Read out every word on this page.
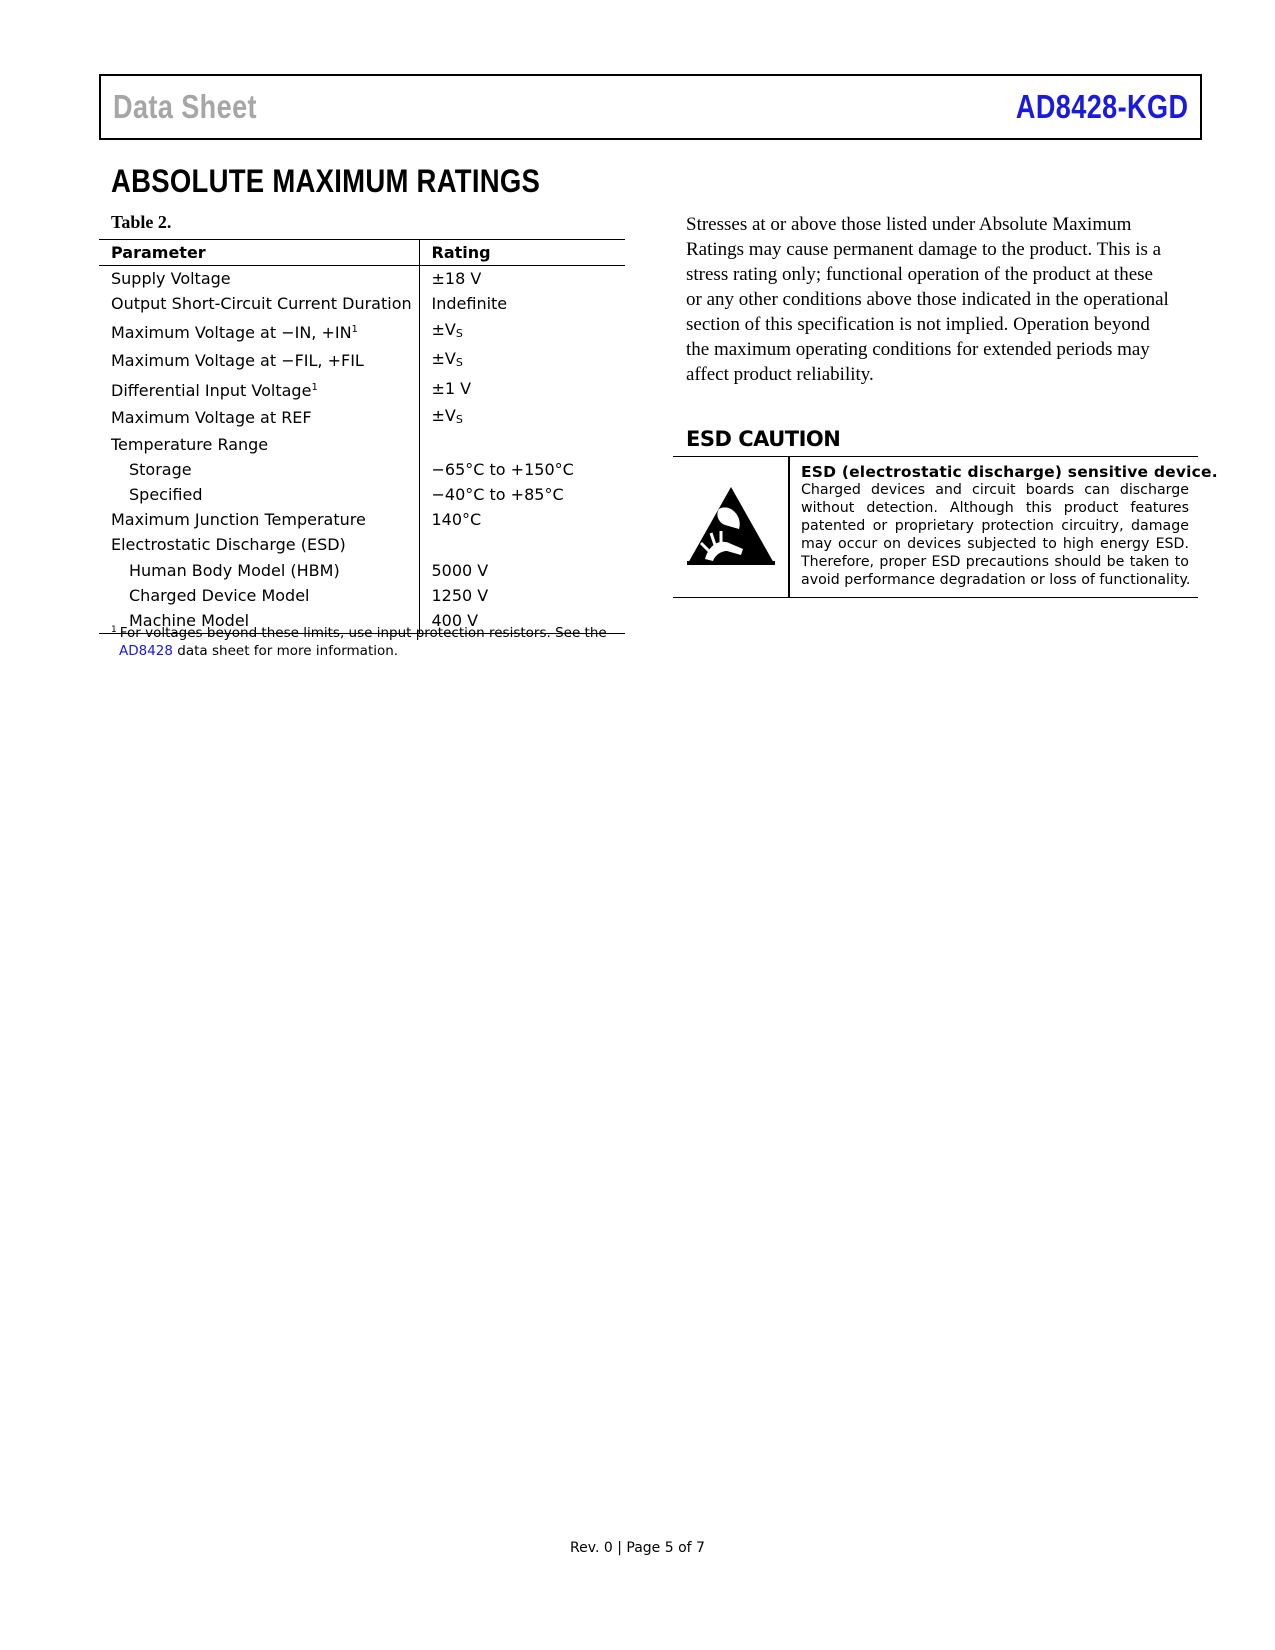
Data Sheet	AD8428-KGD
ABSOLUTE MAXIMUM RATINGS
Table 2.
Parameter	Rating
Supply Voltage	±18 V
Output Short-Circuit Current Duration	Indefinite
Maximum Voltage at −IN, $+IN^1$	±VS
Maximum Voltage at −FIL, +FIL	±VS
Differential Input Voltage$^1$	±1 V
Maximum Voltage at REF	±VS
Temperature Range	
Storage	−65°C to +150°C
Specified	−40°C to +85°C
Maximum Junction Temperature	140°C
Electrostatic Discharge (ESD)	
Human Body Model (HBM)	5000 V
Charged Device Model	1250 V
Machine Model	400 V
$^1$ For voltages beyond these limits, use input protection resistors. See the
AD8428 data sheet for more information.
Stresses at or above those listed under Absolute Maximum
Ratings may cause permanent damage to the product. This is a
stress rating only; functional operation of the product at these
or any other conditions above those indicated in the operational
section of this specification is not implied. Operation beyond
the maximum operating conditions for extended periods may
affect product reliability.
ESD CAUTION
ESD (electrostatic discharge) sensitive device.
Charged devices and circuit boards can discharge
without detection. Although this product features
patented or proprietary protection circuitry, damage
may occur on devices subjected to high energy ESD.
Therefore, proper ESD precautions should be taken to
avoid performance degradation or loss of functionality.
Rev. 0 | Page 5 of 7
